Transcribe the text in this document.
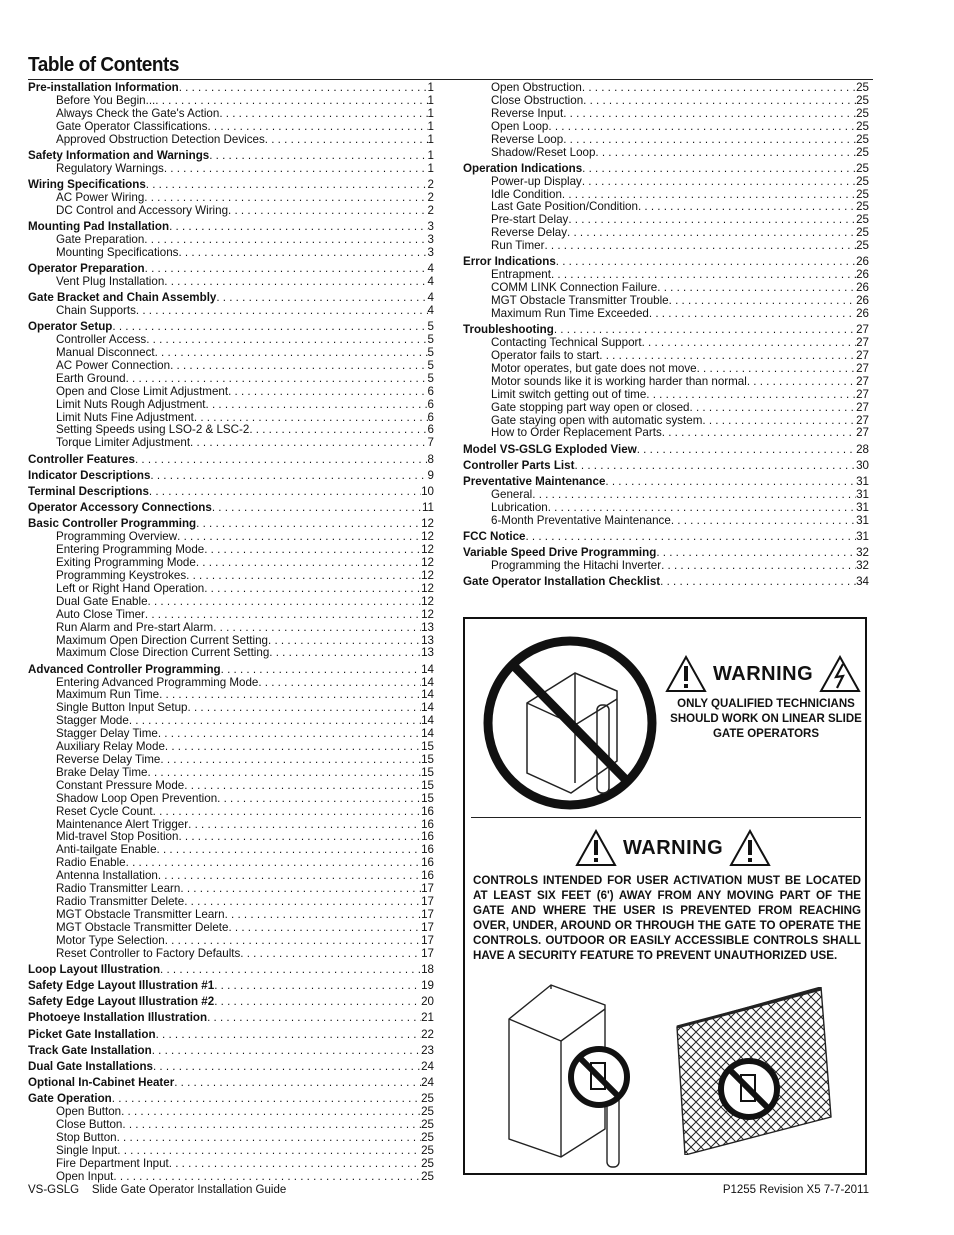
Table of Contents
Pre-installation Information . . .	1
Before You Begin... . . .	1
Always Check the Gate's Action . . .	1
Gate Operator Classifications . . .	1
Approved Obstruction Detection Devices . . .	1
Safety Information and Warnings . . .	1
Regulatory Warnings . . .	1
Wiring Specifications . . .	2
AC Power Wiring . . .	2
DC Control and Accessory Wiring . . .	2
Mounting Pad Installation . . .	3
Gate Preparation . . .	3
Mounting Specifications . . .	3
Operator Preparation . . .	4
Vent Plug Installation . . .	4
Gate Bracket and Chain Assembly . . .	4
Chain Supports . . .	4
Operator Setup . . .	5
Controller Access . . .	5
Manual Disconnect . . .	5
AC Power Connection . . .	5
Earth Ground . . .	5
Open and Close Limit Adjustment . . .	6
Limit Nuts Rough Adjustment . . .	6
Limit Nuts Fine Adjustment . . .	6
Setting Speeds using LSO-2 & LSC-2 . . .	6
Torque Limiter Adjustment . . .	7
Controller Features . . .	8
Indicator Descriptions . . .	9
Terminal Descriptions . . .	10
Operator Accessory Connections . . .	11
Basic Controller Programming . . .	12
Programming Overview . . .	12
Entering Programming Mode . . .	12
Exiting Programming Mode . . .	12
Programming Keystrokes . . .	12
Left or Right Hand Operation . . .	12
Dual Gate Enable . . .	12
Auto Close Timer . . .	12
Run Alarm and Pre-start Alarm . . .	13
Maximum Open Direction Current Setting . . .	13
Maximum Close Direction Current Setting . . .	13
Advanced Controller Programming . . .	14
Entering Advanced Programming Mode . . .	14
Maximum Run Time . . .	14
Single Button Input Setup . . .	14
Stagger Mode . . .	14
Stagger Delay Time . . .	14
Auxiliary Relay Mode . . .	15
Reverse Delay Time . . .	15
Brake Delay Time . . .	15
Constant Pressure Mode . . .	15
Shadow Loop Open Prevention . . .	15
Reset Cycle Count . . .	16
Maintenance Alert Trigger . . .	16
Mid-travel Stop Position . . .	16
Anti-tailgate Enable . . .	16
Radio Enable . . .	16
Antenna Installation . . .	16
Radio Transmitter Learn . . .	17
Radio Transmitter Delete . . .	17
MGT Obstacle Transmitter Learn . . .	17
MGT Obstacle Transmitter Delete . . .	17
Motor Type Selection . . .	17
Reset Controller to Factory Defaults . . .	17
Loop Layout Illustration . . .	18
Safety Edge Layout Illustration #1 . . .	19
Safety Edge Layout Illustration #2 . . .	20
Photoeye Installation Illustration . . .	21
Picket Gate Installation . . .	22
Track Gate Installation . . .	23
Dual Gate Installations . . .	24
Optional In-Cabinet Heater . . .	24
Gate Operation . . .	25
Open Button . . .	25
Close Button . . .	25
Stop Button . . .	25
Single Input . . .	25
Fire Department Input . . .	25
Open Input . . .	25
Open Obstruction . . .	25
Close Obstruction . . .	25
Reverse Input . . .	25
Open Loop . . .	25
Reverse Loop . . .	25
Shadow/Reset Loop . . .	25
Operation Indications . . .	25
Power-up Display . . .	25
Idle Condition . . .	25
Last Gate Position/Condition . . .	25
Pre-start Delay . . .	25
Reverse Delay . . .	25
Run Timer . . .	25
Error Indications . . .	26
Entrapment . . .	26
COMM LINK Connection Failure . . .	26
MGT Obstacle Transmitter Trouble . . .	26
Maximum Run Time Exceeded . . .	26
Troubleshooting . . .	27
Contacting Technical Support . . .	27
Operator fails to start . . .	27
Motor operates, but gate does not move . . .	27
Motor sounds like it is working harder than normal . . .	27
Limit switch getting out of time . . .	27
Gate stopping part way open or closed . . .	27
Gate staying open with automatic system . . .	27
How to Order Replacement Parts . . .	27
Model VS-GSLG Exploded View . . .	28
Controller Parts List . . .	30
Preventative Maintenance . . .	31
General . . .	31
Lubrication . . .	31
6-Month Preventative Maintenance . . .	31
FCC Notice . . .	31
Variable Speed Drive Programming . . .	32
Programming the Hitachi Inverter . . .	32
Gate Operator Installation Checklist . . .	34
WARNING
ONLY QUALIFIED TECHNICIANS SHOULD WORK ON LINEAR SLIDE GATE OPERATORS
WARNING
CONTROLS INTENDED FOR USER ACTIVATION MUST BE LOCATED AT LEAST SIX FEET (6') AWAY FROM ANY MOVING PART OF THE GATE AND WHERE THE USER IS PREVENTED FROM REACHING OVER, UNDER, AROUND OR THROUGH THE GATE TO OPERATE THE CONTROLS. OUTDOOR OR EASILY ACCESSIBLE CONTROLS SHALL HAVE A SECURITY FEATURE TO PREVENT UNAUTHORIZED USE.
VS-GSLG    Slide Gate Operator Installation Guide	P1255 Revision X5 7-7-2011
